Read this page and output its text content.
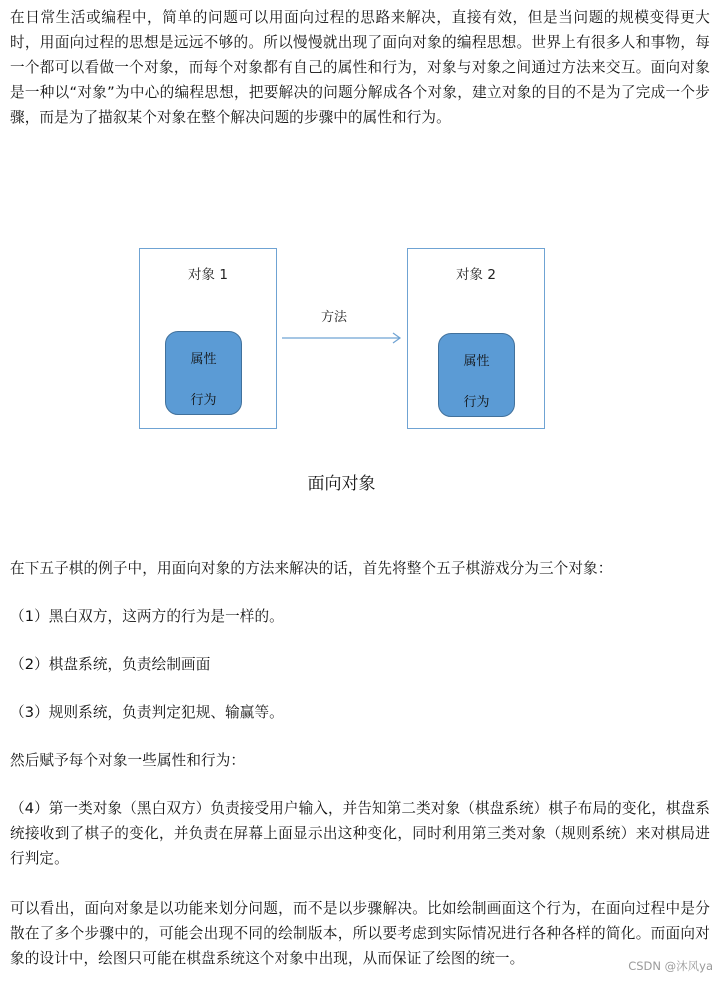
在日常生活或编程中，简单的问题可以用面向过程的思路来解决，直接有效，但是当问题的规模变得更大时，用面向过程的思想是远远不够的。所以慢慢就出现了面向对象的编程思想。世界上有很多人和事物，每一个都可以看做一个对象，而每个对象都有自己的属性和行为，对象与对象之间通过方法来交互。面向对象是一种以“对象”为中心的编程思想，把要解决的问题分解成各个对象，建立对象的目的不是为了完成一个步骤，而是为了描叙某个对象在整个解决问题的步骤中的属性和行为。

对象 1
属性
行为
方法
对象 2
属性
行为
面向对象

在下五子棋的例子中，用面向对象的方法来解决的话，首先将整个五子棋游戏分为三个对象：

（1）黑白双方，这两方的行为是一样的。

（2）棋盘系统，负责绘制画面

（3）规则系统，负责判定犯规、输赢等。

然后赋予每个对象一些属性和行为：

（4）第一类对象（黑白双方）负责接受用户输入，并告知第二类对象（棋盘系统）棋子布局的变化，棋盘系统接收到了棋子的变化，并负责在屏幕上面显示出这种变化，同时利用第三类对象（规则系统）来对棋局进行判定。

可以看出，面向对象是以功能来划分问题，而不是以步骤解决。比如绘制画面这个行为，在面向过程中是分散在了多个步骤中的，可能会出现不同的绘制版本，所以要考虑到实际情况进行各种各样的简化。而面向对象的设计中，绘图只可能在棋盘系统这个对象中出现，从而保证了绘图的统一。	CSDN @沐风ya
